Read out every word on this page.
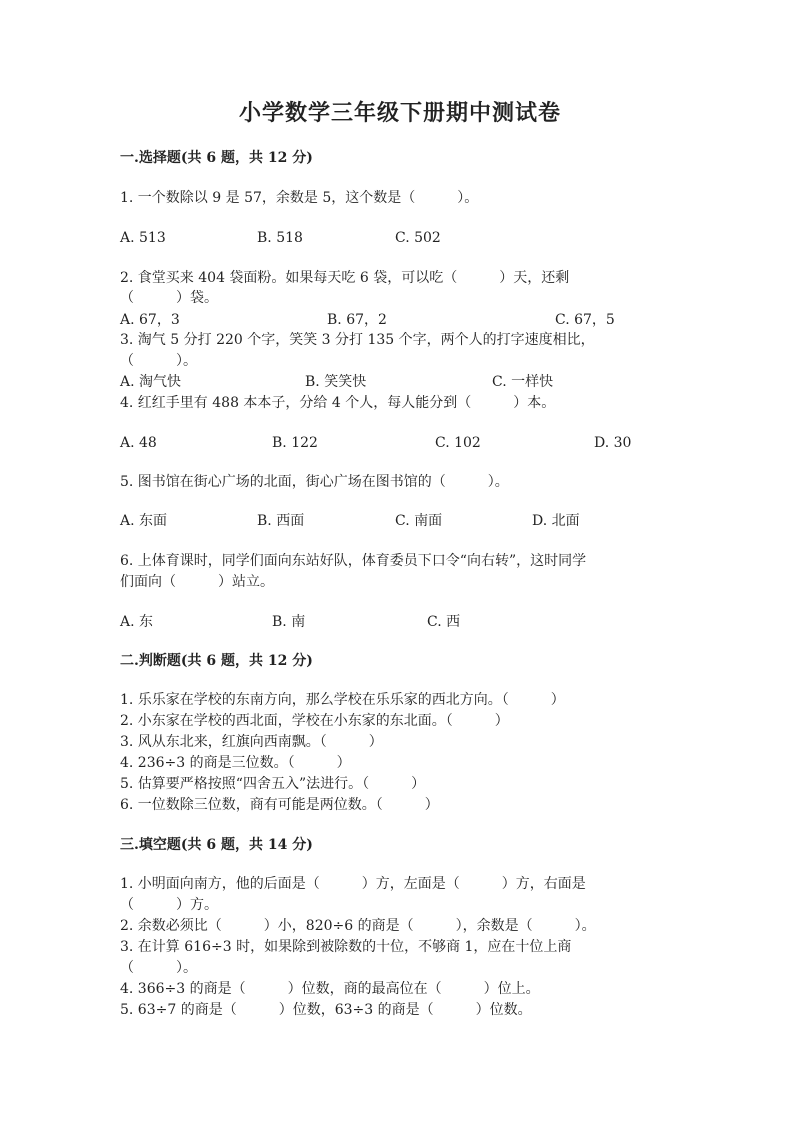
小学数学三年级下册期中测试卷
一.选择题(共 6 题，共 12 分)
1. 一个数除以 9 是 57，余数是 5，这个数是（　　　）。
A. 513	B. 518	C. 502
2. 食堂买来 404 袋面粉。如果每天吃 6 袋，可以吃（　　　）天，还剩
（　　　）袋。
A. 67，3	B. 67，2	C. 67，5
3. 淘气 5 分打 220 个字，笑笑 3 分打 135 个字，两个人的打字速度相比，
（　　　）。
A. 淘气快	B. 笑笑快	C. 一样快
4. 红红手里有 488 本本子，分给 4 个人，每人能分到（　　　）本。
A. 48	B. 122	C. 102	D. 30
5. 图书馆在街心广场的北面，街心广场在图书馆的（　　　）。
A. 东面	B. 西面	C. 南面	D. 北面
6. 上体育课时，同学们面向东站好队，体育委员下口令“向右转”，这时同学
们面向（　　　）站立。
A. 东	B. 南	C. 西
二.判断题(共 6 题，共 12 分)
1. 乐乐家在学校的东南方向，那么学校在乐乐家的西北方向。（　　　）
2. 小东家在学校的西北面，学校在小东家的东北面。（　　　）
3. 风从东北来，红旗向西南飘。（　　　）
4. 236÷3 的商是三位数。（　　　）
5. 估算要严格按照“四舍五入”法进行。（　　　）
6. 一位数除三位数，商有可能是两位数。（　　　）
三.填空题(共 6 题，共 14 分)
1. 小明面向南方，他的后面是（　　　）方，左面是（　　　）方，右面是
（　　　）方。
2. 余数必须比（　　　）小，820÷6 的商是（　　　），余数是（　　　）。
3. 在计算 616÷3 时，如果除到被除数的十位，不够商 1，应在十位上商
（　　　）。
4. 366÷3 的商是（　　　）位数，商的最高位在（　　　）位上。
5. 63÷7 的商是（　　　）位数，63÷3 的商是（　　　）位数。
